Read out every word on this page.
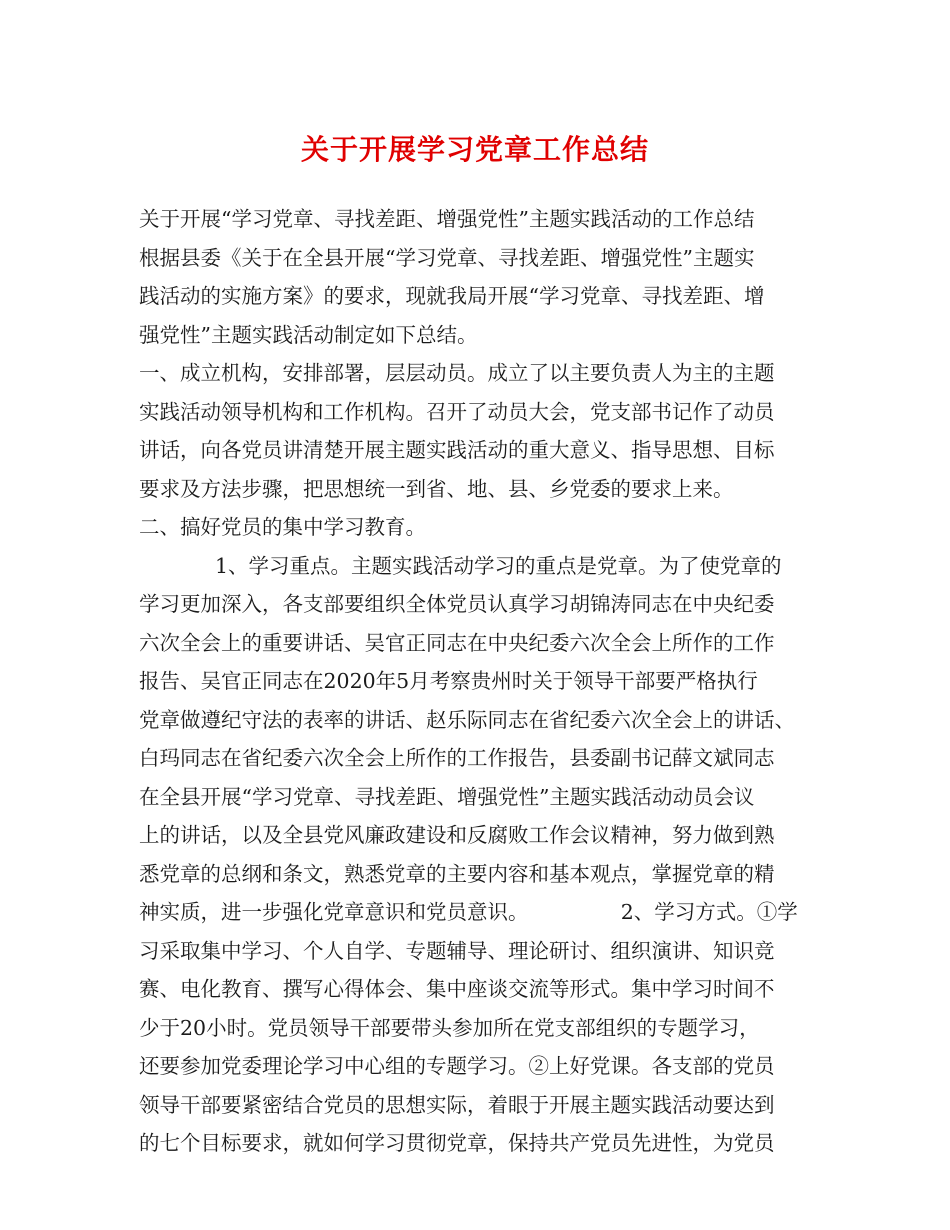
关于开展学习党章工作总结
关于开展“学习党章、寻找差距、增强党性”主题实践活动的工作总结
根据县委《关于在全县开展“学习党章、寻找差距、增强党性”主题实
践活动的实施方案》的要求，现就我局开展“学习党章、寻找差距、增
强党性”主题实践活动制定如下总结。
一、成立机构，安排部署，层层动员。成立了以主要负责人为主的主题
实践活动领导机构和工作机构。召开了动员大会，党支部书记作了动员
讲话，向各党员讲清楚开展主题实践活动的重大意义、指导思想、目标
要求及方法步骤，把思想统一到省、地、县、乡党委的要求上来。
二、搞好党员的集中学习教育。
1、学习重点。主题实践活动学习的重点是党章。为了使党章的
学习更加深入，各支部要组织全体党员认真学习胡锦涛同志在中央纪委
六次全会上的重要讲话、吴官正同志在中央纪委六次全会上所作的工作
报告、吴官正同志在2020年5月考察贵州时关于领导干部要严格执行
党章做遵纪守法的表率的讲话、赵乐际同志在省纪委六次全会上的讲话、
白玛同志在省纪委六次全会上所作的工作报告，县委副书记薛文斌同志
在全县开展“学习党章、寻找差距、增强党性”主题实践活动动员会议
上的讲话，以及全县党风廉政建设和反腐败工作会议精神，努力做到熟
悉党章的总纲和条文，熟悉党章的主要内容和基本观点，掌握党章的精
神实质，进一步强化党章意识和党员意识。　　　　　2、学习方式。①学
习采取集中学习、个人自学、专题辅导、理论研讨、组织演讲、知识竞
赛、电化教育、撰写心得体会、集中座谈交流等形式。集中学习时间不
少于20小时。党员领导干部要带头参加所在党支部组织的专题学习，
还要参加党委理论学习中心组的专题学习。②上好党课。各支部的党员
领导干部要紧密结合党员的思想实际，着眼于开展主题实践活动要达到
的七个目标要求，就如何学习贯彻党章，保持共产党员先进性，为党员
